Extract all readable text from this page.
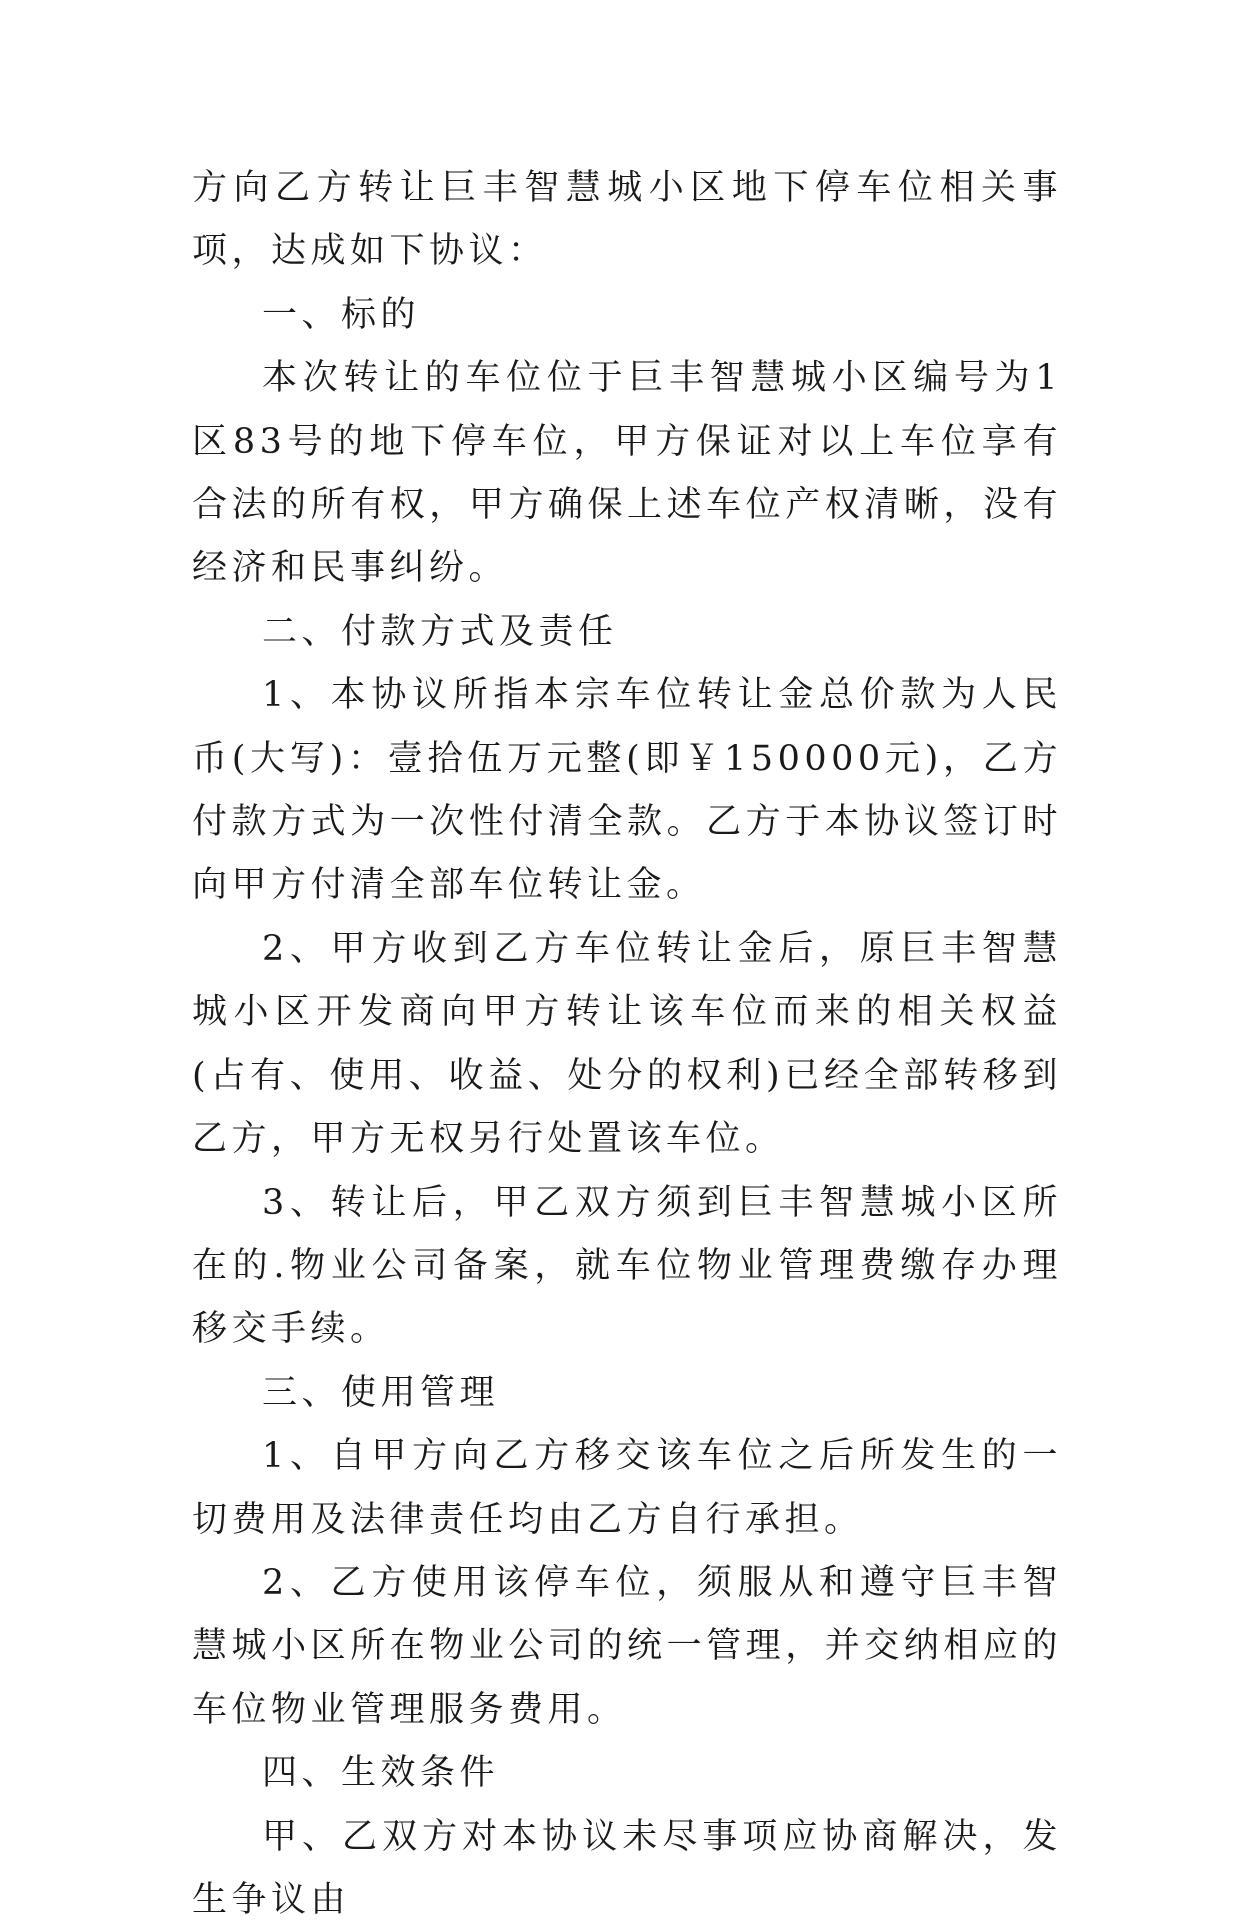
方向乙方转让巨丰智慧城小区地下停车位相关事项，达成如下协议：

一、标的

本次转让的车位位于巨丰智慧城小区编号为1区83号的地下停车位，甲方保证对以上车位享有合法的所有权，甲方确保上述车位产权清晰，没有经济和民事纠纷。

二、付款方式及责任

1、本协议所指本宗车位转让金总价款为人民币(大写)：壹拾伍万元整(即￥150000元)，乙方付款方式为一次性付清全款。乙方于本协议签订时向甲方付清全部车位转让金。

2、甲方收到乙方车位转让金后，原巨丰智慧城小区开发商向甲方转让该车位而来的相关权益(占有、使用、收益、处分的权利)已经全部转移到乙方，甲方无权另行处置该车位。

3、转让后，甲乙双方须到巨丰智慧城小区所在的.物业公司备案，就车位物业管理费缴存办理移交手续。

三、使用管理

1、自甲方向乙方移交该车位之后所发生的一切费用及法律责任均由乙方自行承担。

2、乙方使用该停车位，须服从和遵守巨丰智慧城小区所在物业公司的统一管理，并交纳相应的车位物业管理服务费用。

四、生效条件

甲、乙双方对本协议未尽事项应协商解决，发生争议由
